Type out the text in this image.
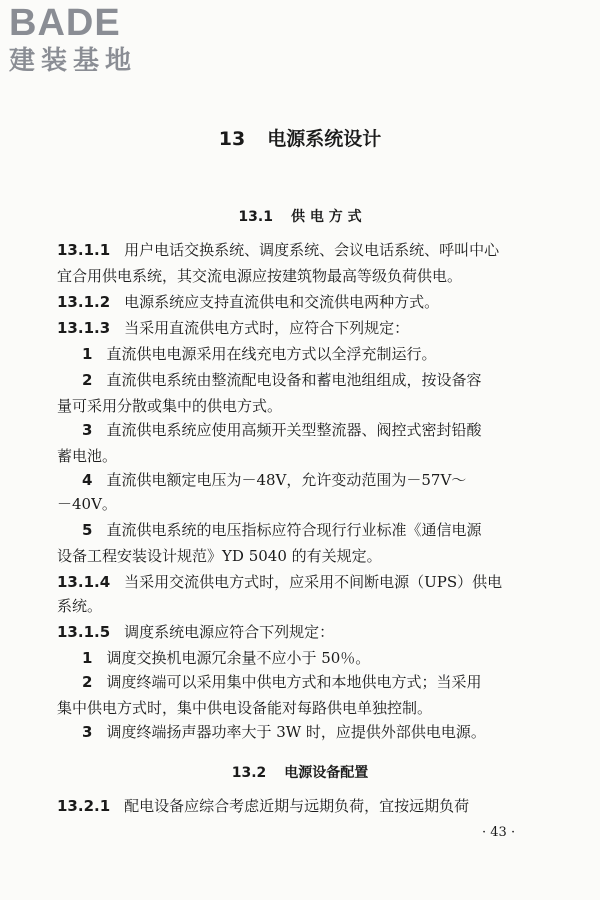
BADE
建装基地
13 电源系统设计
13.1 供 电 方 式
13.1.1 用户电话交换系统、调度系统、会议电话系统、呼叫中心
宜合用供电系统，其交流电源应按建筑物最高等级负荷供电。
13.1.2 电源系统应支持直流供电和交流供电两种方式。
13.1.3 当采用直流供电方式时，应符合下列规定：
1 直流供电电源采用在线充电方式以全浮充制运行。
2 直流供电系统由整流配电设备和蓄电池组组成，按设备容
量可采用分散或集中的供电方式。
3 直流供电系统应使用高频开关型整流器、阀控式密封铅酸
蓄电池。
4 直流供电额定电压为－48V，允许变动范围为－57V～
－40V。
5 直流供电系统的电压指标应符合现行行业标准《通信电源
设备工程安装设计规范》YD 5040 的有关规定。
13.1.4 当采用交流供电方式时，应采用不间断电源（UPS）供电
系统。
13.1.5 调度系统电源应符合下列规定：
1 调度交换机电源冗余量不应小于 50％。
2 调度终端可以采用集中供电方式和本地供电方式；当采用
集中供电方式时，集中供电设备能对每路供电单独控制。
3 调度终端扬声器功率大于 3W 时，应提供外部供电电源。
13.2 电源设备配置
13.2.1 配电设备应综合考虑近期与远期负荷，宜按远期负荷
· 43 ·
